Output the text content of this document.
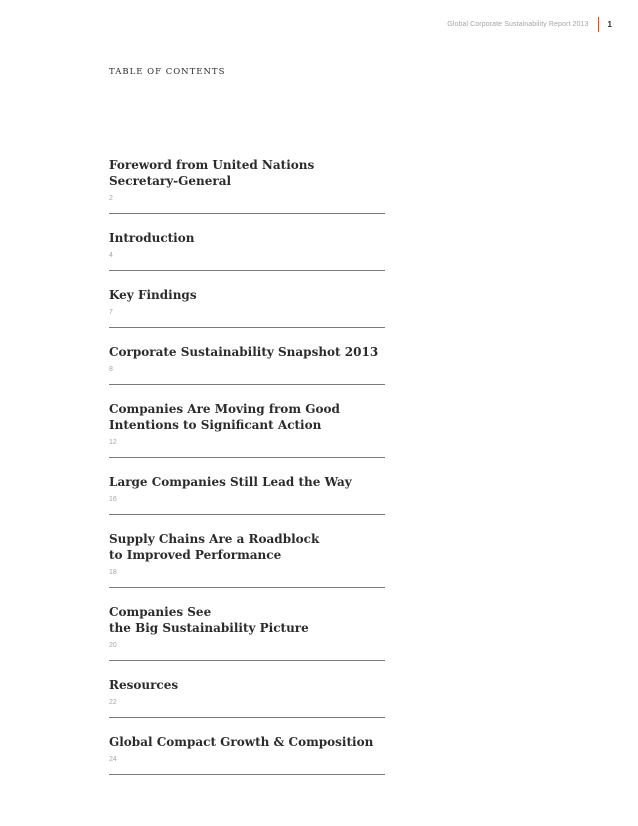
Global Corporate Sustainability Report 2013 1
TABLE OF CONTENTS
Foreword from United Nations
Secretary-General
2
Introduction
4
Key Findings
7
Corporate Sustainability Snapshot 2013
8
Companies Are Moving from Good
Intentions to Significant Action
12
Large Companies Still Lead the Way
16
Supply Chains Are a Roadblock
to Improved Performance
18
Companies See
the Big Sustainability Picture
20
Resources
22
Global Compact Growth & Composition
24
